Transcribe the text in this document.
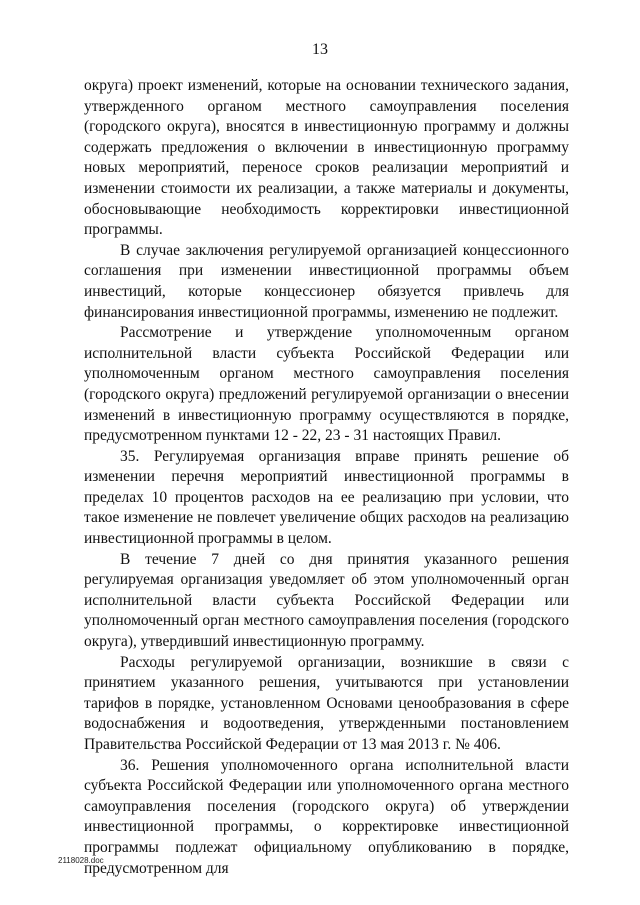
13

округа) проект изменений, которые на основании технического задания, утвержденного органом местного самоуправления поселения (городского округа), вносятся в инвестиционную программу и должны содержать предложения о включении в инвестиционную программу новых мероприятий, переносе сроков реализации мероприятий и изменении стоимости их реализации, а также материалы и документы, обосновывающие необходимость корректировки инвестиционной программы.

В случае заключения регулируемой организацией концессионного соглашения при изменении инвестиционной программы объем инвестиций, которые концессионер обязуется привлечь для финансирования инвестиционной программы, изменению не подлежит.

Рассмотрение и утверждение уполномоченным органом исполнительной власти субъекта Российской Федерации или уполномоченным органом местного самоуправления поселения (городского округа) предложений регулируемой организации о внесении изменений в инвестиционную программу осуществляются в порядке, предусмотренном пунктами 12 - 22, 23 - 31 настоящих Правил.

35. Регулируемая организация вправе принять решение об изменении перечня мероприятий инвестиционной программы в пределах 10 процентов расходов на ее реализацию при условии, что такое изменение не повлечет увеличение общих расходов на реализацию инвестиционной программы в целом.

В течение 7 дней со дня принятия указанного решения регулируемая организация уведомляет об этом уполномоченный орган исполнительной власти субъекта Российской Федерации или уполномоченный орган местного самоуправления поселения (городского округа), утвердивший инвестиционную программу.

Расходы регулируемой организации, возникшие в связи с принятием указанного решения, учитываются при установлении тарифов в порядке, установленном Основами ценообразования в сфере водоснабжения и водоотведения, утвержденными постановлением Правительства Российской Федерации от 13 мая 2013 г. № 406.

36. Решения уполномоченного органа исполнительной власти субъекта Российской Федерации или уполномоченного органа местного самоуправления поселения (городского округа) об утверждении инвестиционной программы, о корректировке инвестиционной программы подлежат официальному опубликованию в порядке, предусмотренном для

2118028.doc
